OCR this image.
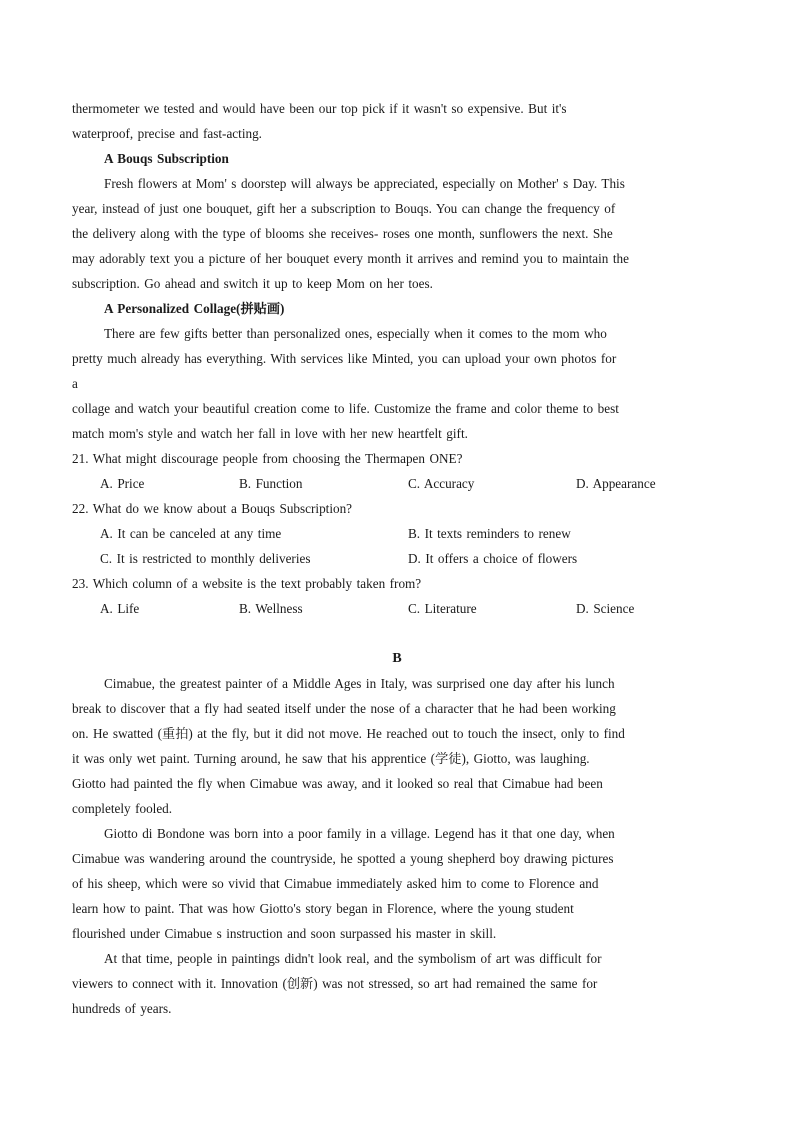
thermometer we tested and would have been our top pick if it wasn't so expensive. But it's
waterproof, precise and fast-acting.
A Bouqs Subscription
Fresh flowers at Mom' s doorstep will always be appreciated, especially on Mother' s Day. This
year, instead of just one bouquet, gift her a subscription to Bouqs. You can change the frequency of
the delivery along with the type of blooms she receives- roses one month, sunflowers the next. She
may adorably text you a picture of her bouquet every month it arrives and remind you to maintain the
subscription. Go ahead and switch it up to keep Mom on her toes.
A Personalized Collage(拼贴画)
There are few gifts better than personalized ones, especially when it comes to the mom who
pretty much already has everything. With services like Minted, you can upload your own photos for
a
collage and watch your beautiful creation come to life. Customize the frame and color theme to best
match mom's style and watch her fall in love with her new heartfelt gift.
21. What might discourage people from choosing the Thermapen ONE?
A. Price	B. Function	C. Accuracy	D. Appearance
22. What do we know about a Bouqs Subscription?
A. It can be canceled at any time	B. It texts reminders to renew
C. It is restricted to monthly deliveries	D. It offers a choice of flowers
23. Which column of a website is the text probably taken from?
A. Life	B. Wellness	C. Literature	D. Science
B
Cimabue, the greatest painter of a Middle Ages in Italy, was surprised one day after his lunch
break to discover that a fly had seated itself under the nose of a character that he had been working
on. He swatted (重拍) at the fly, but it did not move. He reached out to touch the insect, only to find
it was only wet paint. Turning around, he saw that his apprentice (学徒), Giotto, was laughing.
Giotto had painted the fly when Cimabue was away, and it looked so real that Cimabue had been
completely fooled.
Giotto di Bondone was born into a poor family in a village. Legend has it that one day, when
Cimabue was wandering around the countryside, he spotted a young shepherd boy drawing pictures
of his sheep, which were so vivid that Cimabue immediately asked him to come to Florence and
learn how to paint. That was how Giotto's story began in Florence, where the young student
flourished under Cimabue s instruction and soon surpassed his master in skill.
At that time, people in paintings didn't look real, and the symbolism of art was difficult for
viewers to connect with it. Innovation (创新) was not stressed, so art had remained the same for
hundreds of years.
